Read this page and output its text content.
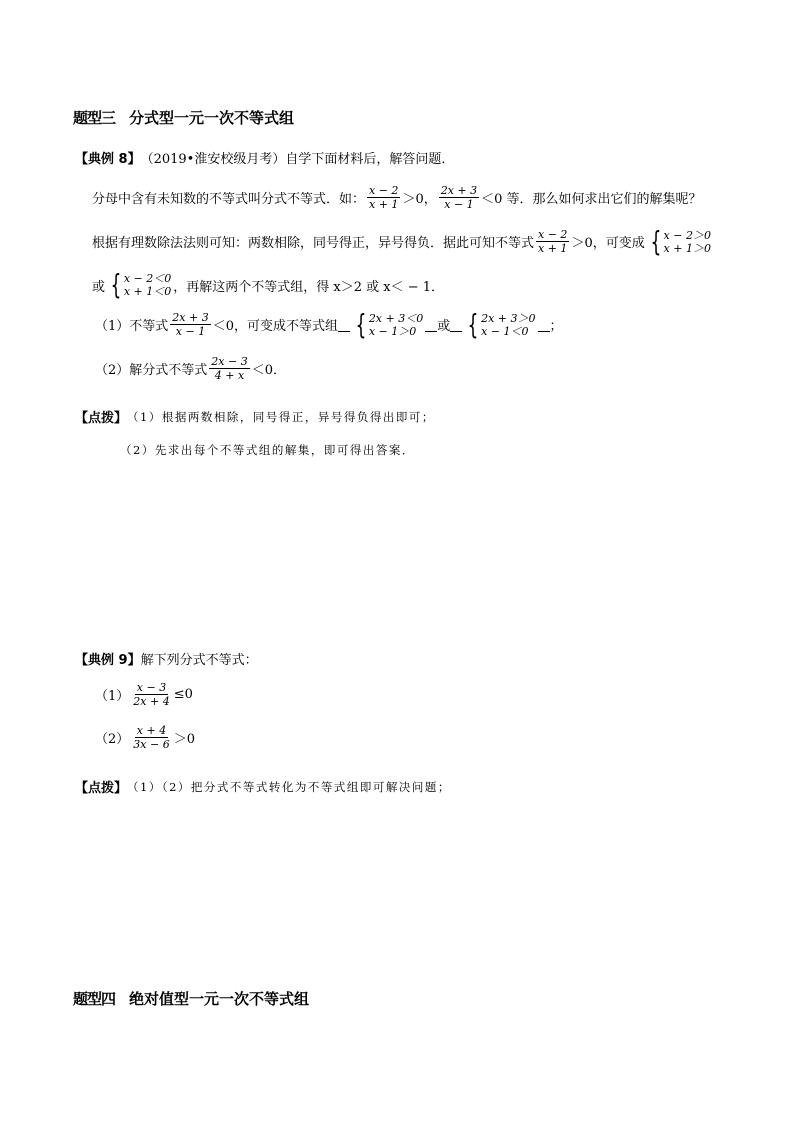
题型三 分式型一元一次不等式组
【典例 8】 （2019•淮安校级月考）自学下面材料后，解答问题．
分母中含有未知数的不等式叫分式不等式．如： $\frac{x - 2}{x + 1} >0$， $\frac{2x + 3}{x - 1} <0$ 等．那么如何求出它们的解集呢？
根据有理数除法法则可知：两数相除，同号得正，异号得负．据此可知不等式 $\frac{x - 2}{x + 1} >0$，可变成 { x − 2＞0
x + 1＞0
或 { x − 2＜0
x + 1＜0 ，再解这两个不等式组，得 x＞2 或 x＜ − 1．
（1）不等式 $\frac{2x + 3}{x - 1} <0$，可变成不等式组 { 2x + 3＜0
x − 1＞0	或 { 2x + 3＞0
x − 1＜0	；
（2）解分式不等式 $\frac{2x - 3}{4 + x} <0$．
【点拨】 （1）根据两数相除，同号得正，异号得负得出即可；
（2）先求出每个不等式组的解集，即可得出答案．
【典例 9】 解下列分式不等式：
$(1) \frac{x - 3}{2x + 4} \le 0$
$(2) \frac{x + 4}{3x - 6} >0$
【点拨】 （1）（2）把分式不等式转化为不等式组即可解决问题；
题型四 绝对值型一元一次不等式组
